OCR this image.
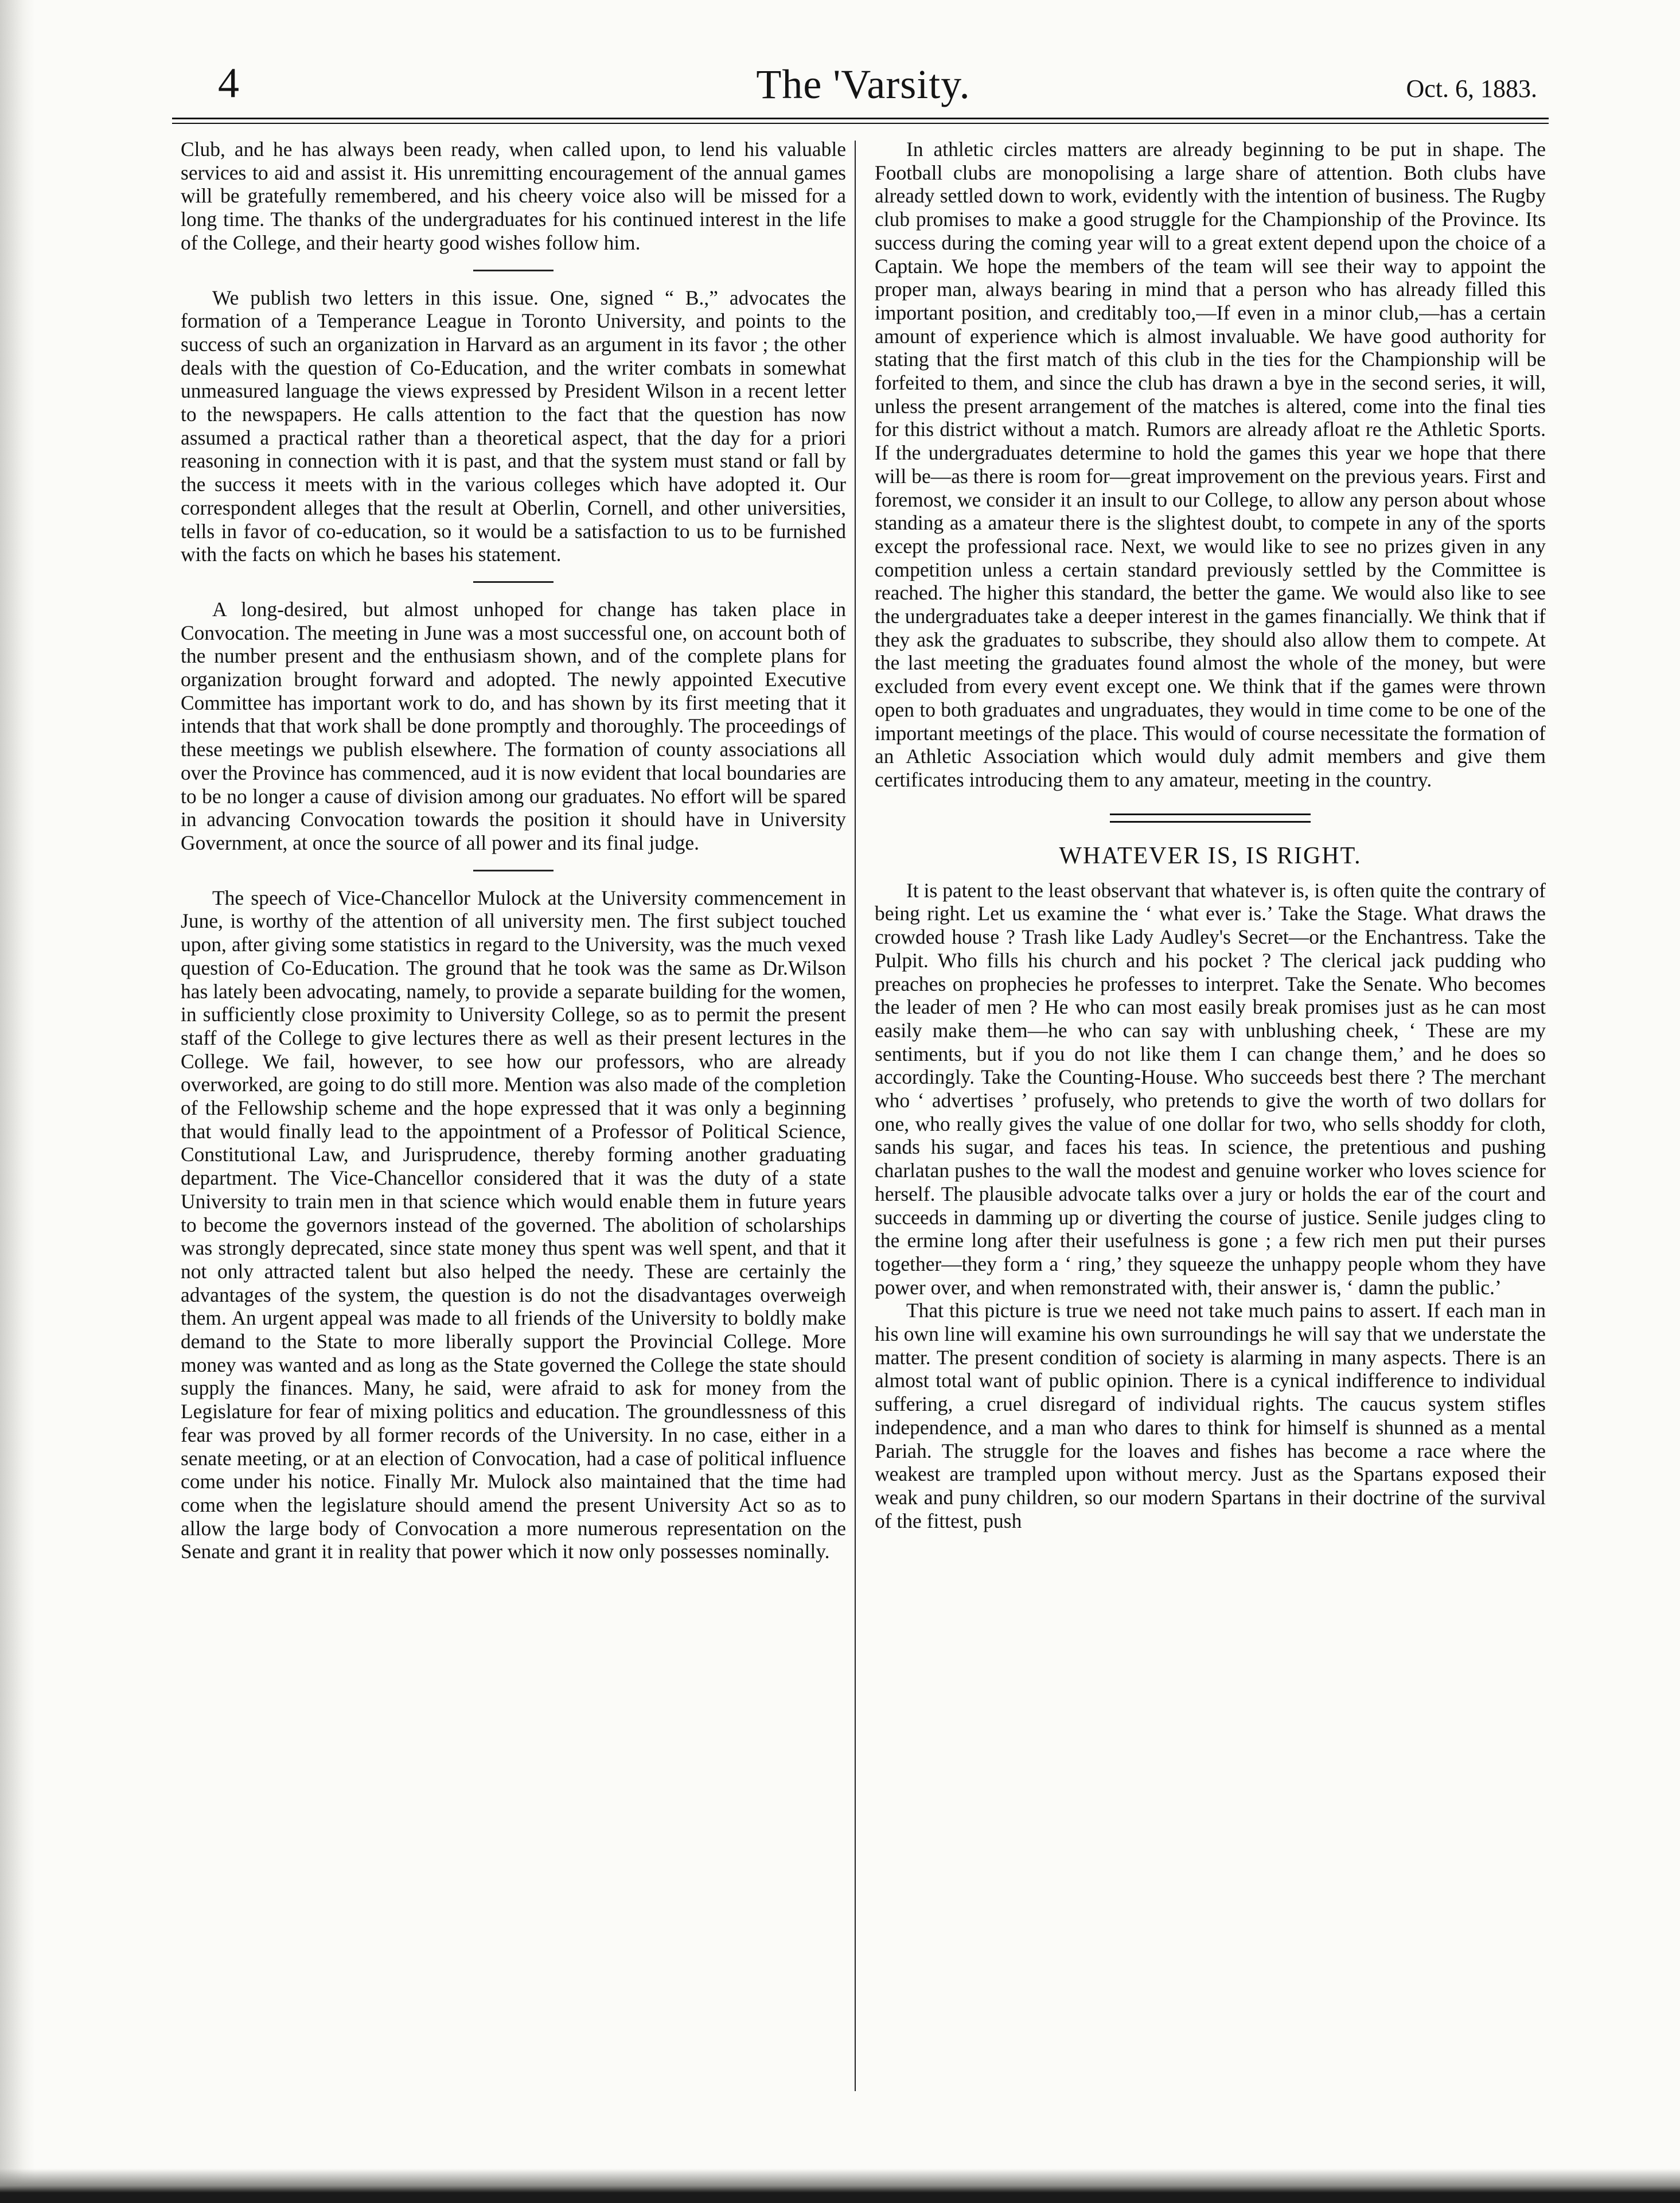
4	The 'Varsity.	Oct. 6, 1883.

Club, and he has always been ready, when called upon, to lend his valuable services to aid and assist it. His unremitting encouragement of the annual games will be gratefully remembered, and his cheery voice also will be missed for a long time. The thanks of the undergraduates for his continued interest in the life of the College, and their hearty good wishes follow him.

We publish two letters in this issue. One, signed “ B.,” advocates the formation of a Temperance League in Toronto University, and points to the success of such an organization in Harvard as an argument in its favor ; the other deals with the question of Co-Education, and the writer combats in somewhat unmeasured language the views expressed by President Wilson in a recent letter to the newspapers. He calls attention to the fact that the question has now assumed a practical rather than a theoretical aspect, that the day for a priori reasoning in connection with it is past, and that the system must stand or fall by the success it meets with in the various colleges which have adopted it. Our correspondent alleges that the result at Oberlin, Cornell, and other universities, tells in favor of co-education, so it would be a satisfaction to us to be furnished with the facts on which he bases his statement.

A long-desired, but almost unhoped for change has taken place in Convocation. The meeting in June was a most successful one, on account both of the number present and the enthusiasm shown, and of the complete plans for organization brought forward and adopted. The newly appointed Executive Committee has important work to do, and has shown by its first meeting that it intends that that work shall be done promptly and thoroughly. The proceedings of these meetings we publish elsewhere. The formation of county associations all over the Province has commenced, aud it is now evident that local boundaries are to be no longer a cause of division among our graduates. No effort will be spared in advancing Convocation towards the position it should have in University Government, at once the source of all power and its final judge.

The speech of Vice-Chancellor Mulock at the University commencement in June, is worthy of the attention of all university men. The first subject touched upon, after giving some statistics in regard to the University, was the much vexed question of Co-Education. The ground that he took was the same as Dr.Wilson has lately been advocating, namely, to provide a separate building for the women, in sufficiently close proximity to University College, so as to permit the present staff of the College to give lectures there as well as their present lectures in the College. We fail, however, to see how our professors, who are already overworked, are going to do still more. Mention was also made of the completion of the Fellowship scheme and the hope expressed that it was only a beginning that would finally lead to the appointment of a Professor of Political Science, Constitutional Law, and Jurisprudence, thereby forming another graduating department. The Vice-Chancellor considered that it was the duty of a state University to train men in that science which would enable them in future years to become the governors instead of the governed. The abolition of scholarships was strongly deprecated, since state money thus spent was well spent, and that it not only attracted talent but also helped the needy. These are certainly the advantages of the system, the question is do not the disadvantages overweigh them. An urgent appeal was made to all friends of the University to boldly make demand to the State to more liberally support the Provincial College. More money was wanted and as long as the State governed the College the state should supply the finances. Many, he said, were afraid to ask for money from the Legislature for fear of mixing politics and education. The groundlessness of this fear was proved by all former records of the University. In no case, either in a senate meeting, or at an election of Convocation, had a case of political influence come under his notice. Finally Mr. Mulock also maintained that the time had come when the legislature should amend the present University Act so as to allow the large body of Convocation a more numerous representation on the Senate and grant it in reality that power which it now only possesses nominally.

In athletic circles matters are already beginning to be put in shape. The Football clubs are monopolising a large share of attention. Both clubs have already settled down to work, evidently with the intention of business. The Rugby club promises to make a good struggle for the Championship of the Province. Its success during the coming year will to a great extent depend upon the choice of a Captain. We hope the members of the team will see their way to appoint the proper man, always bearing in mind that a person who has already filled this important position, and creditably too,—If even in a minor club,—has a certain amount of experience which is almost invaluable. We have good authority for stating that the first match of this club in the ties for the Championship will be forfeited to them, and since the club has drawn a bye in the second series, it will, unless the present arrangement of the matches is altered, come into the final ties for this district without a match. Rumors are already afloat re the Athletic Sports. If the undergraduates determine to hold the games this year we hope that there will be—as there is room for—great improvement on the previous years. First and foremost, we consider it an insult to our College, to allow any person about whose standing as a amateur there is the slightest doubt, to compete in any of the sports except the professional race. Next, we would like to see no prizes given in any competition unless a certain standard previously settled by the Committee is reached. The higher this standard, the better the game. We would also like to see the undergraduates take a deeper interest in the games financially. We think that if they ask the graduates to subscribe, they should also allow them to compete. At the last meeting the graduates found almost the whole of the money, but were excluded from every event except one. We think that if the games were thrown open to both graduates and ungraduates, they would in time come to be one of the important meetings of the place. This would of course necessitate the formation of an Athletic Association which would duly admit members and give them certificates introducing them to any amateur, meeting in the country.

WHATEVER IS, IS RIGHT.

It is patent to the least observant that whatever is, is often quite the contrary of being right. Let us examine the ‘ what ever is.’ Take the Stage. What draws the crowded house ? Trash like Lady Audley's Secret—or the Enchantress. Take the Pulpit. Who fills his church and his pocket ? The clerical jack pudding who preaches on prophecies he professes to interpret. Take the Senate. Who becomes the leader of men ? He who can most easily break promises just as he can most easily make them—he who can say with unblushing cheek, ‘ These are my sentiments, but if you do not like them I can change them,’ and he does so accordingly. Take the Counting-House. Who succeeds best there ? The merchant who ‘ advertises ’ profusely, who pretends to give the worth of two dollars for one, who really gives the value of one dollar for two, who sells shoddy for cloth, sands his sugar, and faces his teas. In science, the pretentious and pushing charlatan pushes to the wall the modest and genuine worker who loves science for herself. The plausible advocate talks over a jury or holds the ear of the court and succeeds in damming up or diverting the course of justice. Senile judges cling to the ermine long after their usefulness is gone ; a few rich men put their purses together—they form a ‘ ring,’ they squeeze the unhappy people whom they have power over, and when remonstrated with, their answer is, ‘ damn the public.’

That this picture is true we need not take much pains to assert. If each man in his own line will examine his own surroundings he will say that we understate the matter. The present condition of society is alarming in many aspects. There is an almost total want of public opinion. There is a cynical indifference to individual suffering, a cruel disregard of individual rights. The caucus system stifles independence, and a man who dares to think for himself is shunned as a mental Pariah. The struggle for the loaves and fishes has become a race where the weakest are trampled upon without mercy. Just as the Spartans exposed their weak and puny children, so our modern Spartans in their doctrine of the survival of the fittest, push
